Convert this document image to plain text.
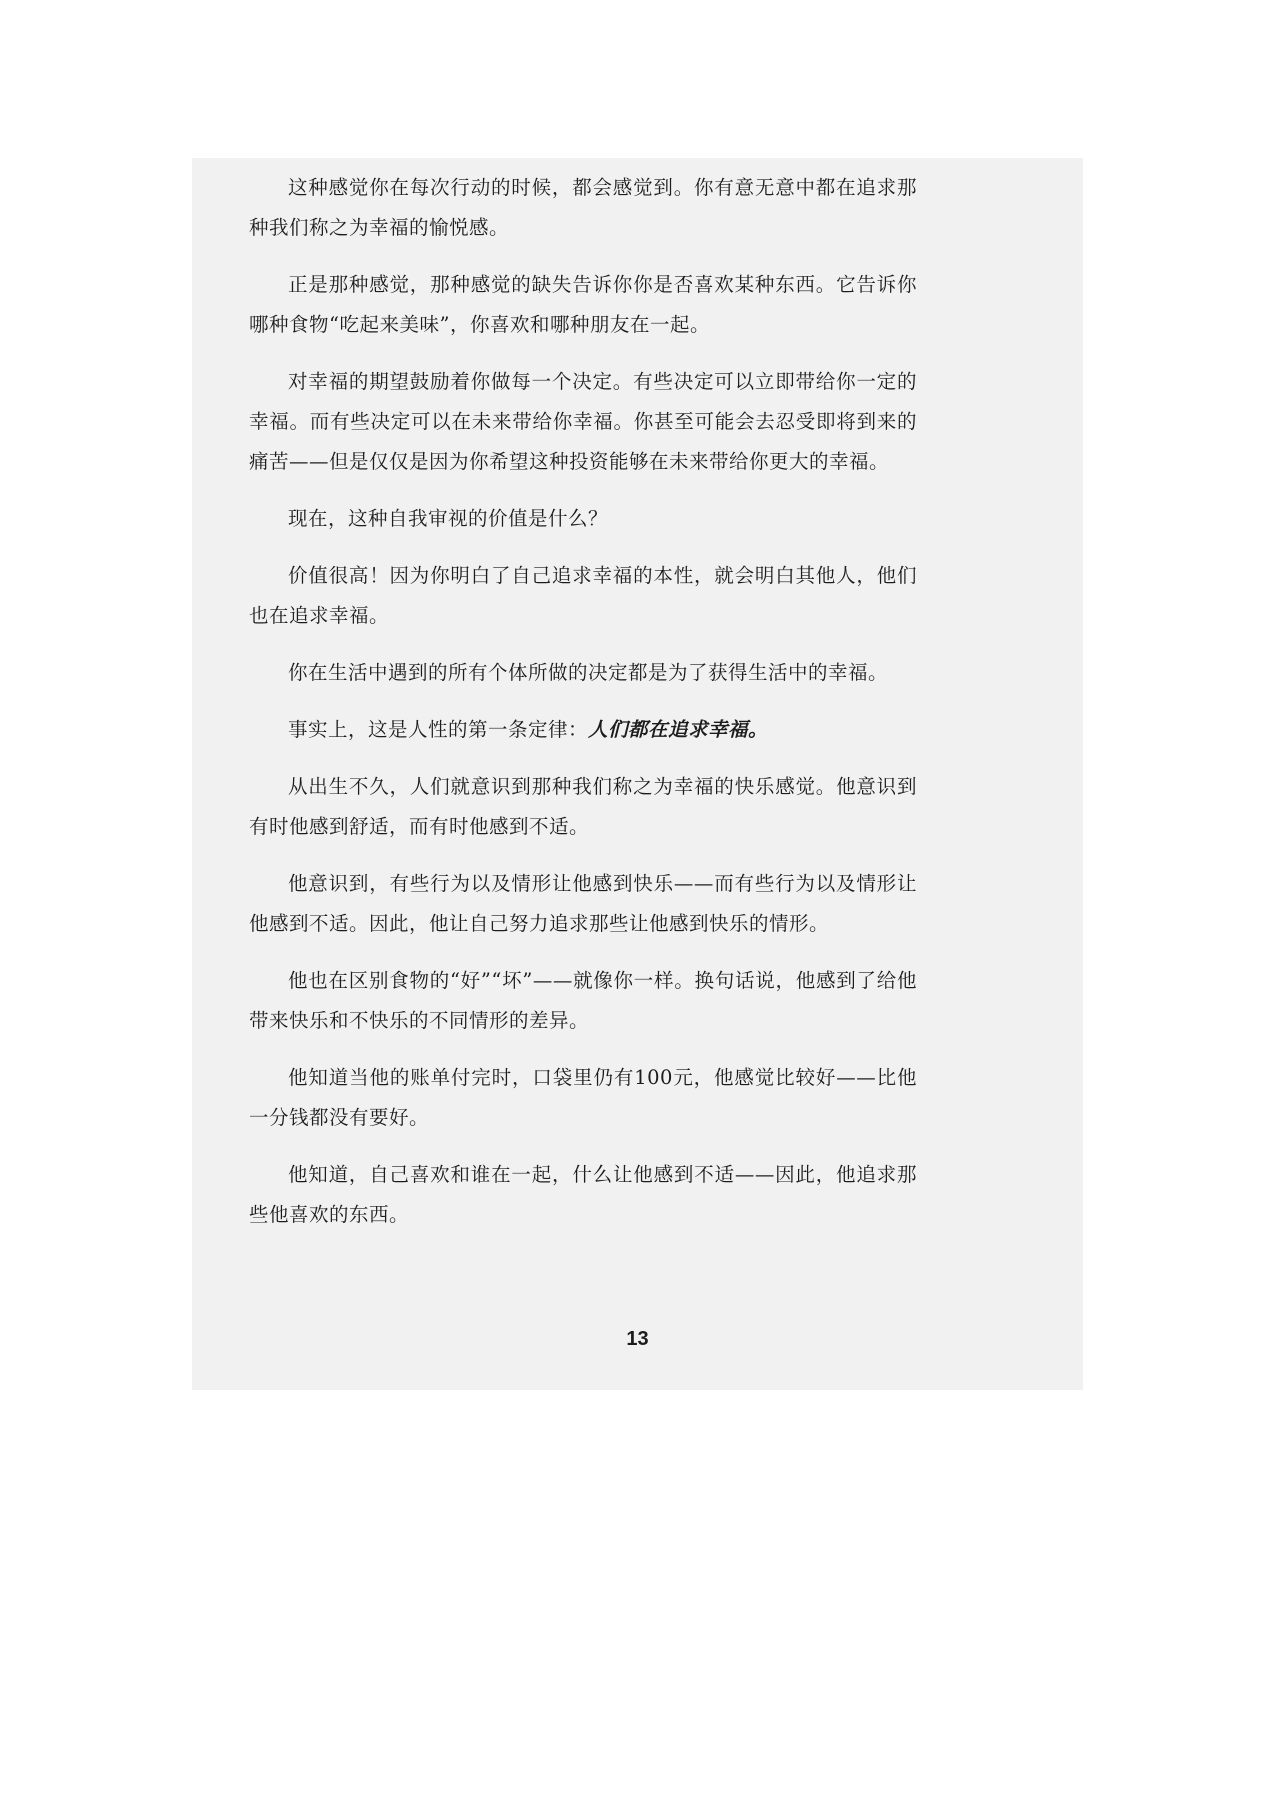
这种感觉你在每次行动的时候，都会感觉到。你有意无意中都在追求那种我们称之为幸福的愉悦感。

正是那种感觉，那种感觉的缺失告诉你你是否喜欢某种东西。它告诉你哪种食物“吃起来美味”，你喜欢和哪种朋友在一起。

对幸福的期望鼓励着你做每一个决定。有些决定可以立即带给你一定的幸福。而有些决定可以在未来带给你幸福。你甚至可能会去忍受即将到来的痛苦——但是仅仅是因为你希望这种投资能够在未来带给你更大的幸福。

现在，这种自我审视的价值是什么？

价值很高！因为你明白了自己追求幸福的本性，就会明白其他人，他们也在追求幸福。

你在生活中遇到的所有个体所做的决定都是为了获得生活中的幸福。

事实上，这是人性的第一条定律：人们都在追求幸福。

从出生不久，人们就意识到那种我们称之为幸福的快乐感觉。他意识到有时他感到舒适，而有时他感到不适。

他意识到，有些行为以及情形让他感到快乐——而有些行为以及情形让他感到不适。因此，他让自己努力追求那些让他感到快乐的情形。

他也在区别食物的“好”“坏”——就像你一样。换句话说，他感到了给他带来快乐和不快乐的不同情形的差异。

他知道当他的账单付完时，口袋里仍有100元，他感觉比较好——比他一分钱都没有要好。

他知道，自己喜欢和谁在一起，什么让他感到不适——因此，他追求那些他喜欢的东西。

13
